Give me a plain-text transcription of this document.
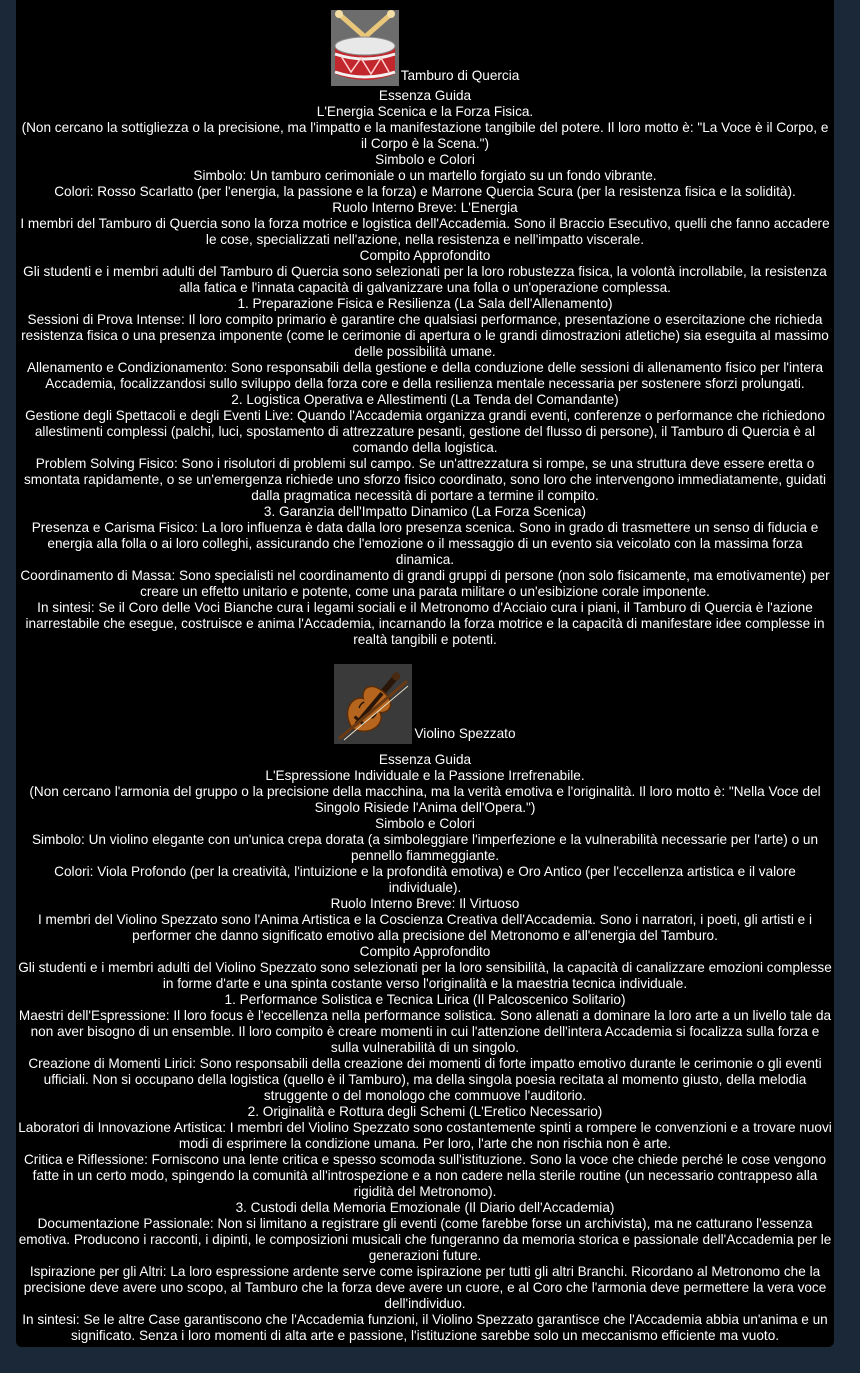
Tamburo di Quercia
Essenza Guida
L'Energia Scenica e la Forza Fisica.
(Non cercano la sottigliezza o la precisione, ma l'impatto e la manifestazione tangibile del potere. Il loro motto è: "La Voce è il Corpo, e il Corpo è la Scena.")
Simbolo e Colori
Simbolo: Un tamburo cerimoniale o un martello forgiato su un fondo vibrante.
Colori: Rosso Scarlatto (per l'energia, la passione e la forza) e Marrone Quercia Scura (per la resistenza fisica e la solidità).
Ruolo Interno Breve: L'Energia
I membri del Tamburo di Quercia sono la forza motrice e logistica dell'Accademia. Sono il Braccio Esecutivo, quelli che fanno accadere le cose, specializzati nell'azione, nella resistenza e nell'impatto viscerale.
Compito Approfondito
Gli studenti e i membri adulti del Tamburo di Quercia sono selezionati per la loro robustezza fisica, la volontà incrollabile, la resistenza alla fatica e l'innata capacità di galvanizzare una folla o un'operazione complessa.
1. Preparazione Fisica e Resilienza (La Sala dell'Allenamento)
Sessioni di Prova Intense: Il loro compito primario è garantire che qualsiasi performance, presentazione o esercitazione che richieda resistenza fisica o una presenza imponente (come le cerimonie di apertura o le grandi dimostrazioni atletiche) sia eseguita al massimo delle possibilità umane.
Allenamento e Condizionamento: Sono responsabili della gestione e della conduzione delle sessioni di allenamento fisico per l'intera Accademia, focalizzandosi sullo sviluppo della forza core e della resilienza mentale necessaria per sostenere sforzi prolungati.
2. Logistica Operativa e Allestimenti (La Tenda del Comandante)
Gestione degli Spettacoli e degli Eventi Live: Quando l'Accademia organizza grandi eventi, conferenze o performance che richiedono allestimenti complessi (palchi, luci, spostamento di attrezzature pesanti, gestione del flusso di persone), il Tamburo di Quercia è al comando della logistica.
Problem Solving Fisico: Sono i risolutori di problemi sul campo. Se un'attrezzatura si rompe, se una struttura deve essere eretta o smontata rapidamente, o se un'emergenza richiede uno sforzo fisico coordinato, sono loro che intervengono immediatamente, guidati dalla pragmatica necessità di portare a termine il compito.
3. Garanzia dell'Impatto Dinamico (La Forza Scenica)
Presenza e Carisma Fisico: La loro influenza è data dalla loro presenza scenica. Sono in grado di trasmettere un senso di fiducia e energia alla folla o ai loro colleghi, assicurando che l'emozione o il messaggio di un evento sia veicolato con la massima forza dinamica.
Coordinamento di Massa: Sono specialisti nel coordinamento di grandi gruppi di persone (non solo fisicamente, ma emotivamente) per creare un effetto unitario e potente, come una parata militare o un'esibizione corale imponente.
In sintesi: Se il Coro delle Voci Bianche cura i legami sociali e il Metronomo d'Acciaio cura i piani, il Tamburo di Quercia è l'azione inarrestabile che esegue, costruisce e anima l'Accademia, incarnando la forza motrice e la capacità di manifestare idee complesse in realtà tangibili e potenti.
Violino Spezzato
Essenza Guida
L'Espressione Individuale e la Passione Irrefrenabile.
(Non cercano l'armonia del gruppo o la precisione della macchina, ma la verità emotiva e l'originalità. Il loro motto è: "Nella Voce del Singolo Risiede l'Anima dell'Opera.")
Simbolo e Colori
Simbolo: Un violino elegante con un'unica crepa dorata (a simboleggiare l'imperfezione e la vulnerabilità necessarie per l'arte) o un pennello fiammeggiante.
Colori: Viola Profondo (per la creatività, l'intuizione e la profondità emotiva) e Oro Antico (per l'eccellenza artistica e il valore individuale).
Ruolo Interno Breve: Il Virtuoso
I membri del Violino Spezzato sono l'Anima Artistica e la Coscienza Creativa dell'Accademia. Sono i narratori, i poeti, gli artisti e i performer che danno significato emotivo alla precisione del Metronomo e all'energia del Tamburo.
Compito Approfondito
Gli studenti e i membri adulti del Violino Spezzato sono selezionati per la loro sensibilità, la capacità di canalizzare emozioni complesse in forme d'arte e una spinta costante verso l'originalità e la maestria tecnica individuale.
1. Performance Solistica e Tecnica Lirica (Il Palcoscenico Solitario)
Maestri dell'Espressione: Il loro focus è l'eccellenza nella performance solistica. Sono allenati a dominare la loro arte a un livello tale da non aver bisogno di un ensemble. Il loro compito è creare momenti in cui l'attenzione dell'intera Accademia si focalizza sulla forza e sulla vulnerabilità di un singolo.
Creazione di Momenti Lirici: Sono responsabili della creazione dei momenti di forte impatto emotivo durante le cerimonie o gli eventi ufficiali. Non si occupano della logistica (quello è il Tamburo), ma della singola poesia recitata al momento giusto, della melodia struggente o del monologo che commuove l'auditorio.
2. Originalità e Rottura degli Schemi (L'Eretico Necessario)
Laboratori di Innovazione Artistica: I membri del Violino Spezzato sono costantemente spinti a rompere le convenzioni e a trovare nuovi modi di esprimere la condizione umana. Per loro, l'arte che non rischia non è arte.
Critica e Riflessione: Forniscono una lente critica e spesso scomoda sull'istituzione. Sono la voce che chiede perché le cose vengono fatte in un certo modo, spingendo la comunità all'introspezione e a non cadere nella sterile routine (un necessario contrappeso alla rigidità del Metronomo).
3. Custodi della Memoria Emozionale (Il Diario dell'Accademia)
Documentazione Passionale: Non si limitano a registrare gli eventi (come farebbe forse un archivista), ma ne catturano l'essenza emotiva. Producono i racconti, i dipinti, le composizioni musicali che fungeranno da memoria storica e passionale dell'Accademia per le generazioni future.
Ispirazione per gli Altri: La loro espressione ardente serve come ispirazione per tutti gli altri Branchi. Ricordano al Metronomo che la precisione deve avere uno scopo, al Tamburo che la forza deve avere un cuore, e al Coro che l'armonia deve permettere la vera voce dell'individuo.
In sintesi: Se le altre Case garantiscono che l'Accademia funzioni, il Violino Spezzato garantisce che l'Accademia abbia un'anima e un significato. Senza i loro momenti di alta arte e passione, l'istituzione sarebbe solo un meccanismo efficiente ma vuoto.
